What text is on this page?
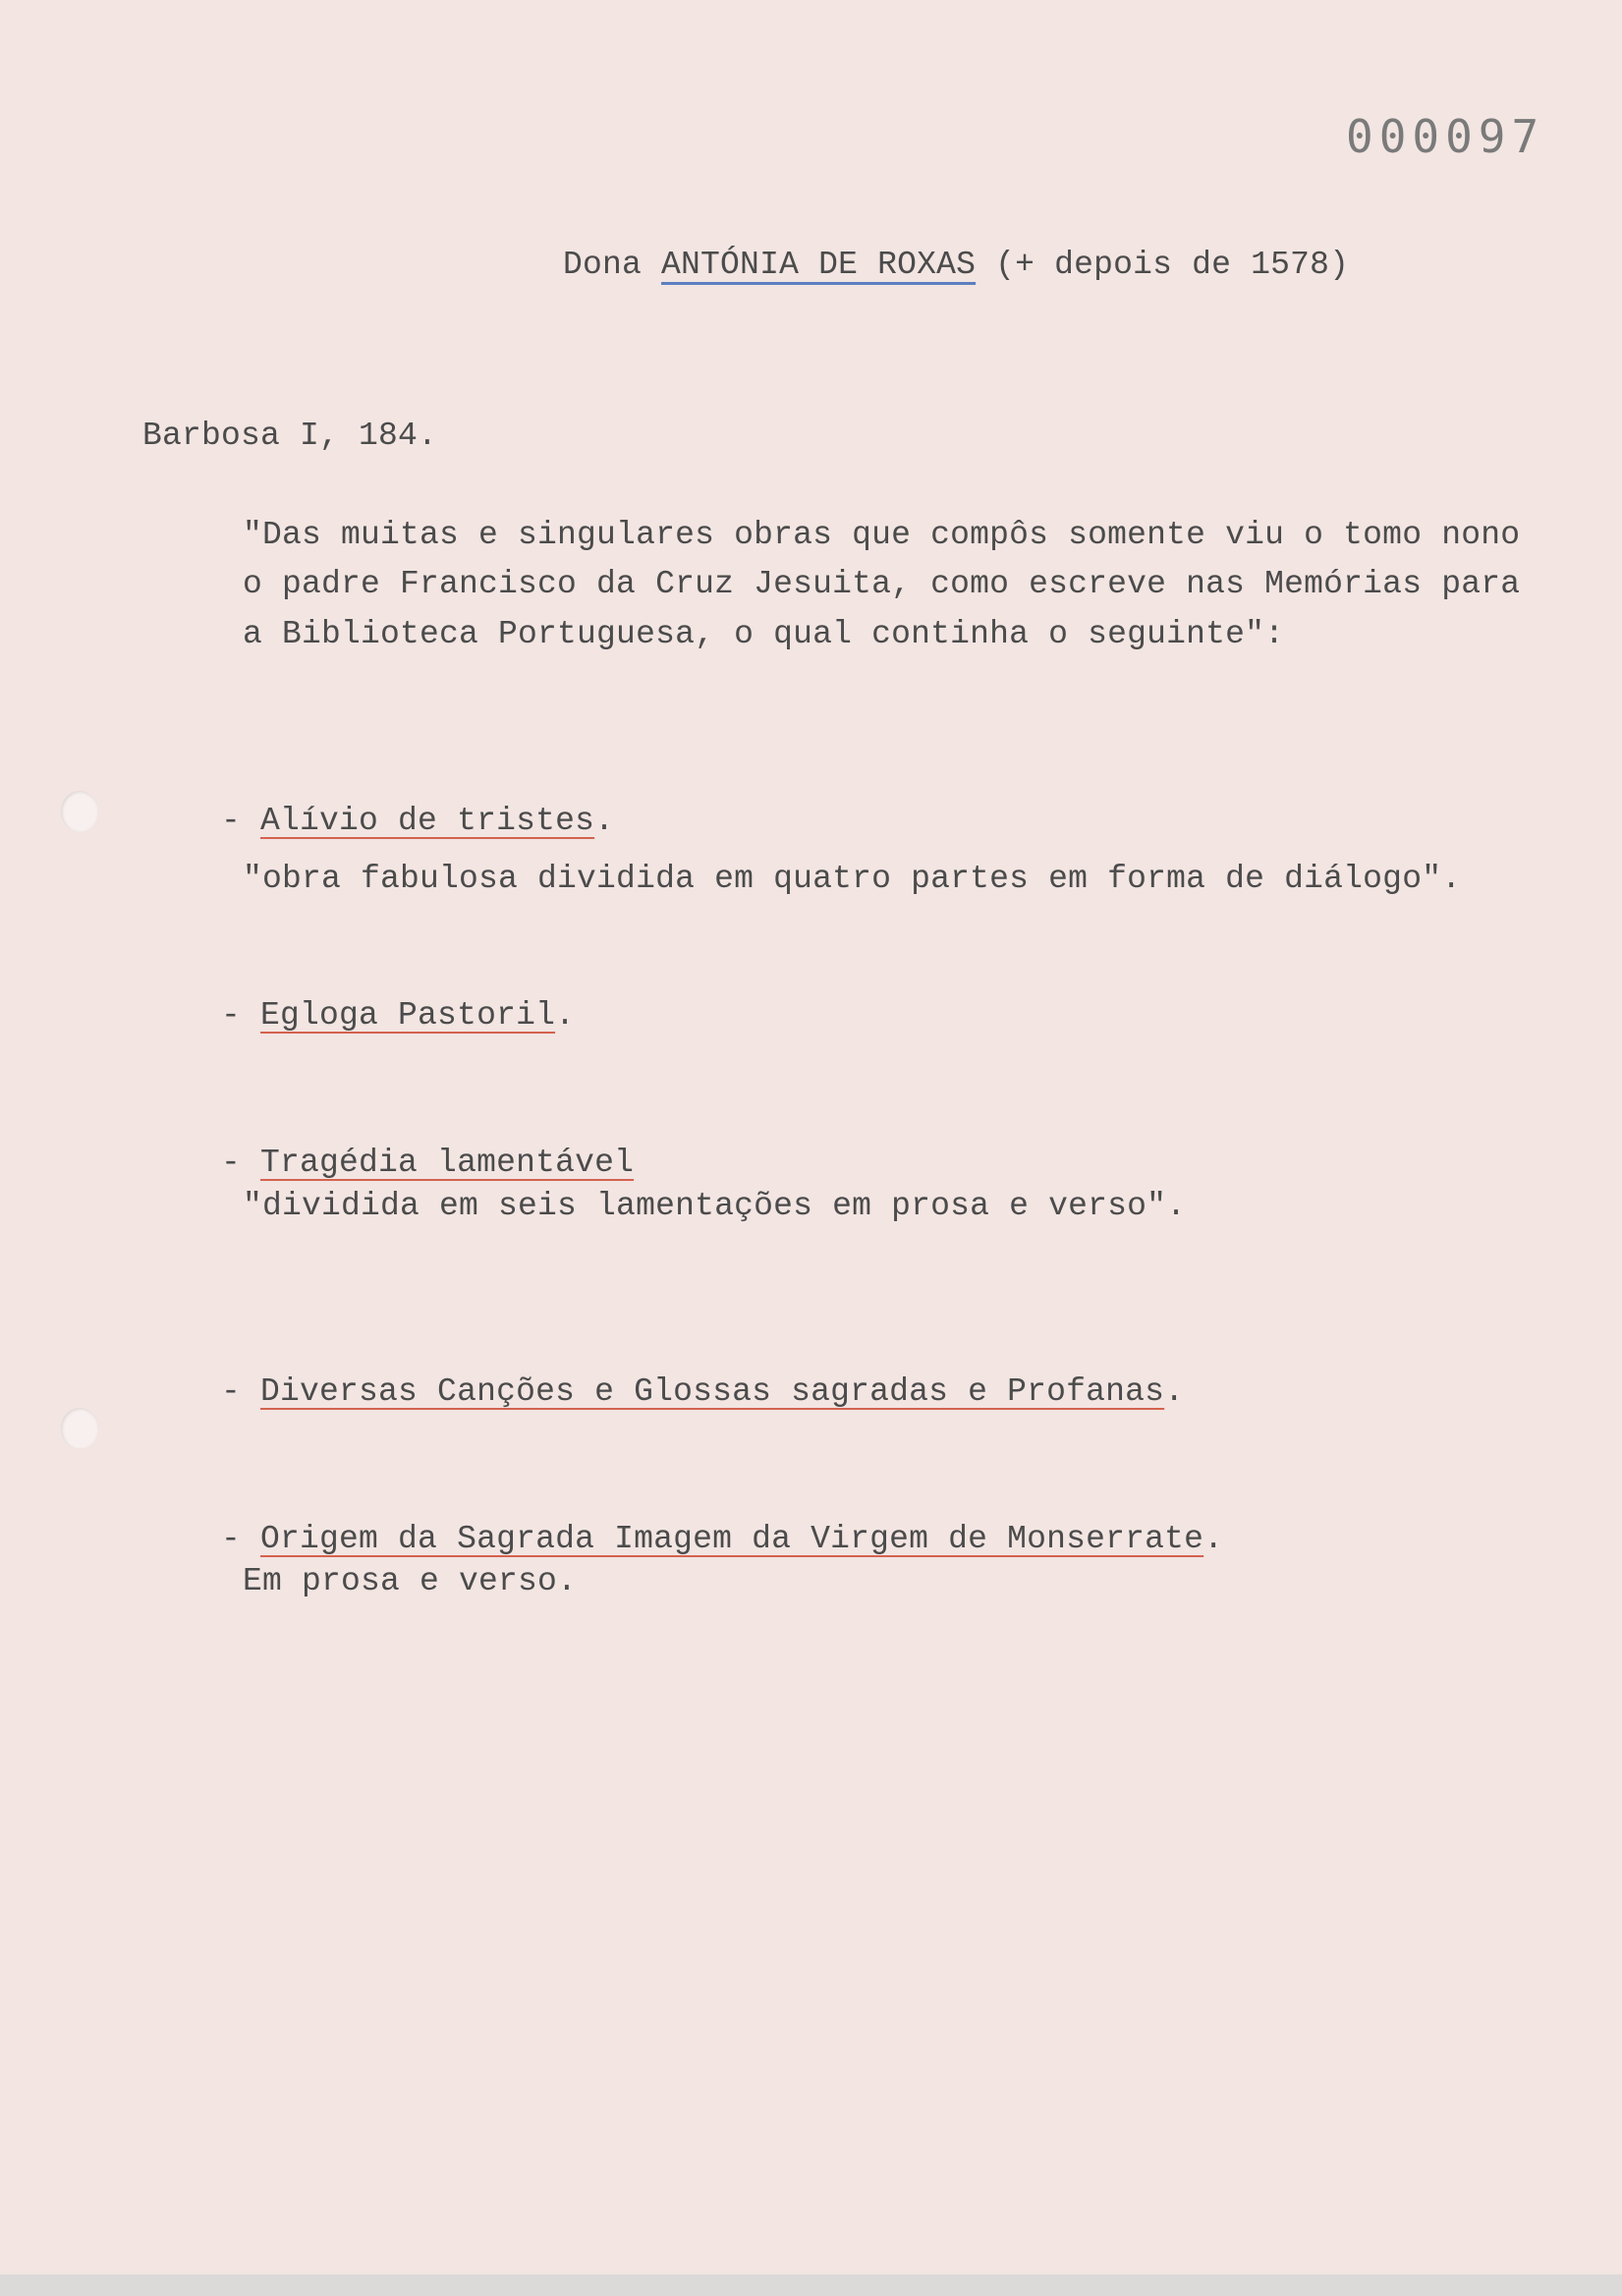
000097

Dona ANTÓNIA DE ROXAS (+ depois de 1578)

Barbosa I, 184.
"Das muitas e singulares obras que compôs somente viu o tomo nono
o padre Francisco da Cruz Jesuita, como escreve nas Memórias para
a Biblioteca Portuguesa, o qual continha o seguinte":

- Alívio de tristes.

"obra fabulosa dividida em quatro partes em forma de diálogo".

- Egloga Pastoril.

- Tragédia lamentável

"dividida em seis lamentações em prosa e verso".

- Diversas Canções e Glossas sagradas e Profanas.

- Origem da Sagrada Imagem da Virgem de Monserrate.

Em prosa e verso.
